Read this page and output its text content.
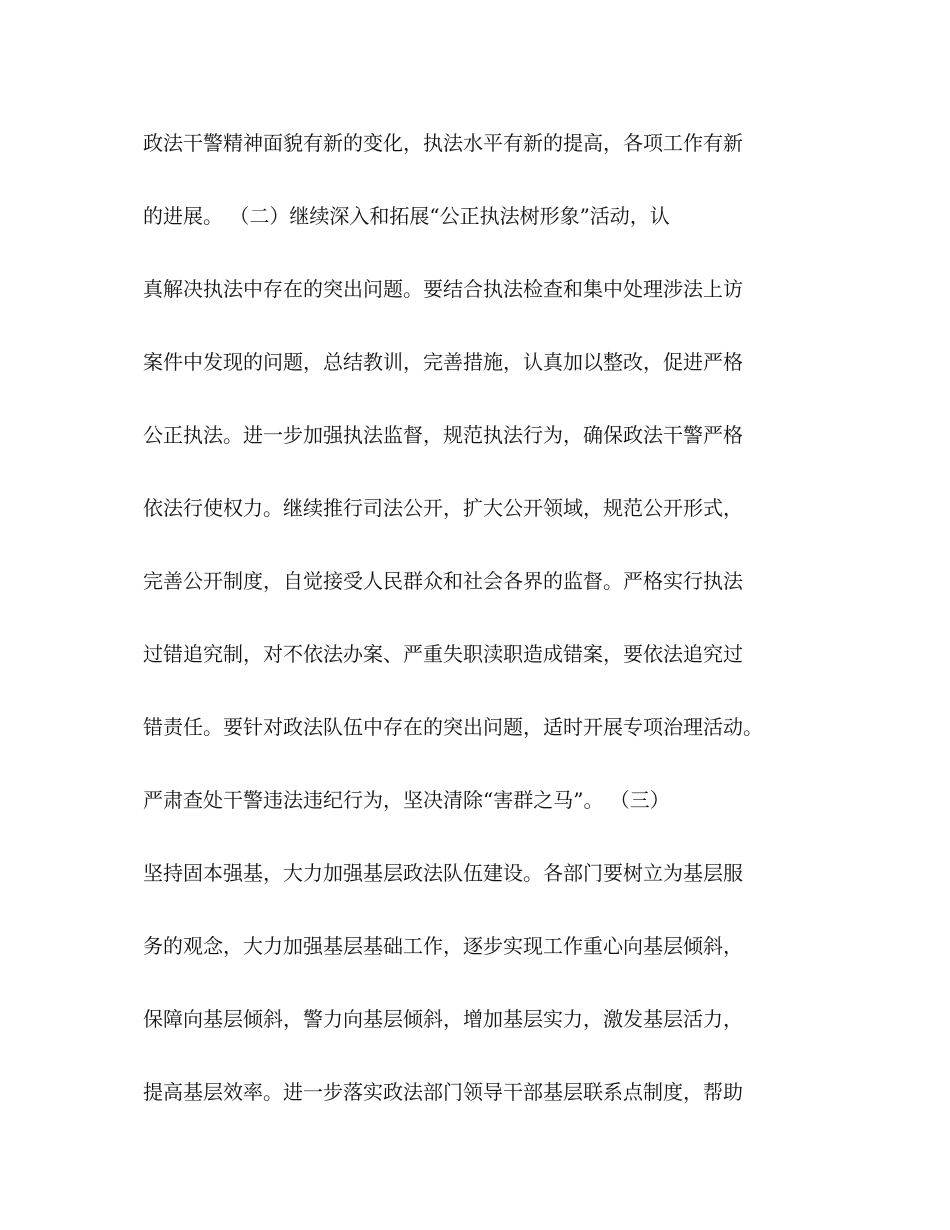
政法干警精神面貌有新的变化，执法水平有新的提高，各项工作有新
的进展。 （二）继续深入和拓展“公正执法树形象”活动，认
真解决执法中存在的突出问题。要结合执法检查和集中处理涉法上访
案件中发现的问题，总结教训，完善措施，认真加以整改，促进严格
公正执法。进一步加强执法监督，规范执法行为，确保政法干警严格
依法行使权力。继续推行司法公开，扩大公开领域，规范公开形式，
完善公开制度，自觉接受人民群众和社会各界的监督。严格实行执法
过错追究制，对不依法办案、严重失职渎职造成错案，要依法追究过
错责任。要针对政法队伍中存在的突出问题，适时开展专项治理活动。
严肃查处干警违法违纪行为，坚决清除“害群之马”。 （三）
坚持固本强基，大力加强基层政法队伍建设。各部门要树立为基层服
务的观念，大力加强基层基础工作，逐步实现工作重心向基层倾斜，
保障向基层倾斜，警力向基层倾斜，增加基层实力，激发基层活力，
提高基层效率。进一步落实政法部门领导干部基层联系点制度，帮助
